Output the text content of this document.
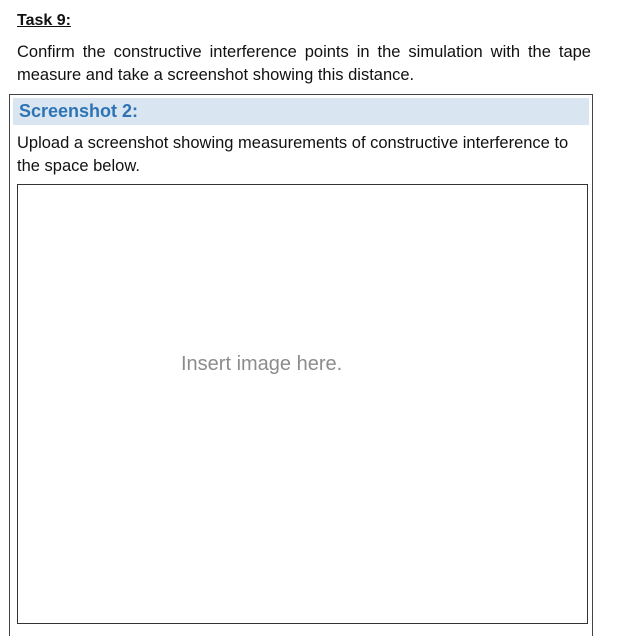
Task 9:
Confirm the constructive interference points in the simulation with the tape measure and take a screenshot showing this distance.
Screenshot 2:
Upload a screenshot showing measurements of constructive interference to the space below.
Insert image here.
